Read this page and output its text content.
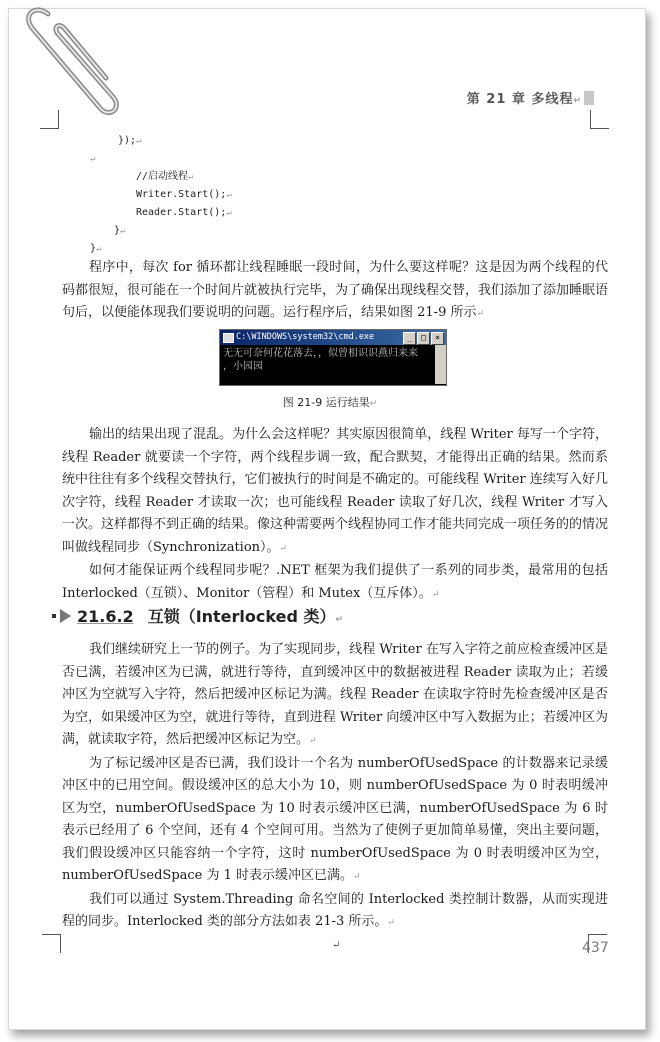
第 21 章 多线程↵
});↵
↵
//启动线程↵
Writer.Start();↵
Reader.Start();↵
}↵
}↵

程序中，每次 for 循环都让线程睡眠一段时间，为什么要这样呢？这是因为两个线程的代码都很短，很可能在一个时间片就被执行完毕，为了确保出现线程交替，我们添加了添加睡眠语句后，以便能体现我们要说明的问题。运行程序后，结果如图 21-9 所示↵

C:\WINDOWS\system32\cmd.exe	_ □ ×
无无可奈何花花落去，，似曾相识识燕归来来
，小园园
图 21-9 运行结果↵

输出的结果出现了混乱。为什么会这样呢？其实原因很简单，线程 Writer 每写一个字符，线程 Reader 就要读一个字符，两个线程步调一致，配合默契，才能得出正确的结果。然而系统中往往有多个线程交替执行，它们被执行的时间是不确定的。可能线程 Writer 连续写入好几次字符，线程 Reader 才读取一次；也可能线程 Reader 读取了好几次，线程 Writer 才写入一次。这样都得不到正确的结果。像这种需要两个线程协同工作才能共同完成一项任务的的情况叫做线程同步（Synchronization）。↵

如何才能保证两个线程同步呢？.NET 框架为我们提供了一系列的同步类，最常用的包括 Interlocked（互锁）、Monitor（管程）和 Mutex（互斥体）。↵

21.6.2 互锁（Interlocked 类）↵

我们继续研究上一节的例子。为了实现同步，线程 Writer 在写入字符之前应检查缓冲区是否已满，若缓冲区为已满，就进行等待，直到缓冲区中的数据被进程 Reader 读取为止；若缓冲区为空就写入字符，然后把缓冲区标记为满。线程 Reader 在读取字符时先检查缓冲区是否为空，如果缓冲区为空，就进行等待，直到进程 Writer 向缓冲区中写入数据为止；若缓冲区为满，就读取字符，然后把缓冲区标记为空。↵

为了标记缓冲区是否已满，我们设计一个名为 numberOfUsedSpace 的计数器来记录缓冲区中的已用空间。假设缓冲区的总大小为 10，则 numberOfUsedSpace 为 0 时表明缓冲区为空，numberOfUsedSpace 为 10 时表示缓冲区已满，numberOfUsedSpace 为 6 时表示已经用了 6 个空间，还有 4 个空间可用。当然为了使例子更加简单易懂，突出主要问题，我们假设缓冲区只能容纳一个字符，这时 numberOfUsedSpace 为 0 时表明缓冲区为空，numberOfUsedSpace 为 1 时表示缓冲区已满。↵

我们可以通过 System.Threading 命名空间的 Interlocked 类控制计数器，从而实现进程的同步。Interlocked 类的部分方法如表 21-3 所示。↵

↵	437
